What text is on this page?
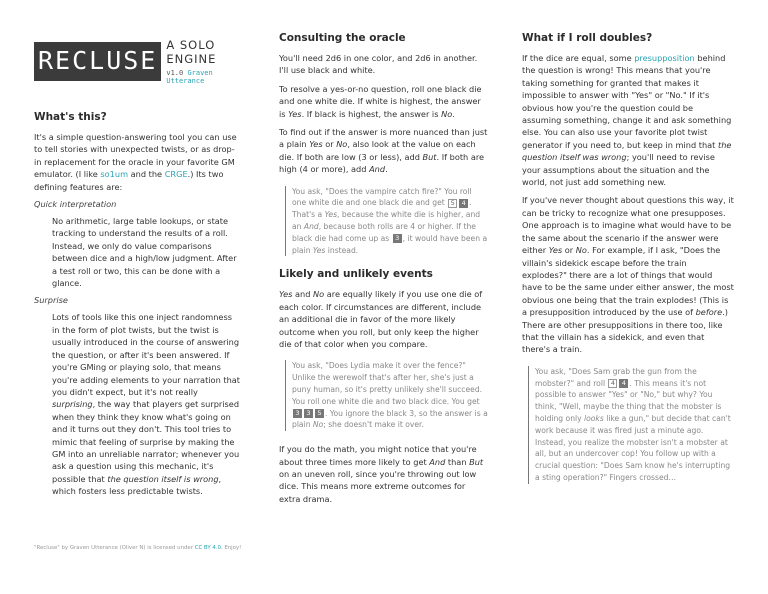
RECLUSE
A SOLO ENGINE
v1.0 Graven Utterance
What's this?

It's a simple question-answering tool you can use to tell stories with unexpected twists, or as drop-in replacement for the oracle in your favorite GM emulator. (I like so1um and the CRGE.) Its two defining features are:

Quick interpretation

No arithmetic, large table lookups, or state tracking to understand the results of a roll. Instead, we only do value comparisons between dice and a high/low judgment. After a test roll or two, this can be done with a glance.

Surprise

Lots of tools like this one inject randomness in the form of plot twists, but the twist is usually introduced in the course of answering the question, or after it's been answered. If you're GMing or playing solo, that means you're adding elements to your narration that you didn't expect, but it's not really surprising, the way that players get surprised when they think they know what's going on and it turns out they don't. This tool tries to mimic that feeling of surprise by making the GM into an unreliable narrator; whenever you ask a question using this mechanic, it's possible that the question itself is wrong, which fosters less predictable twists.

"Recluse" by Graven Utterance (Oliver N) is licensed under CC BY 4.0. Enjoy!
Consulting the oracle

You'll need 2d6 in one color, and 2d6 in another. I'll use black and white.

To resolve a yes-or-no question, roll one black die and one white die. If white is highest, the answer is Yes. If black is highest, the answer is No.

To find out if the answer is more nuanced than just a plain Yes or No, also look at the value on each die. If both are low (3 or less), add But. If both are high (4 or more), add And.

You ask, "Does the vampire catch fire?" You roll one white die and one black die and get 5 4 . That's a Yes, because the white die is higher, and an And, because both rolls are 4 or higher. If the black die had come up as 3 , it would have been a plain Yes instead.
Likely and unlikely events

Yes and No are equally likely if you use one die of each color. If circumstances are different, include an additional die in favor of the more likely outcome when you roll, but only keep the higher die of that color when you compare.

You ask, "Does Lydia make it over the fence?" Unlike the werewolf that's after her, she's just a puny human, so it's pretty unlikely she'll succeed. You roll one white die and two black dice. You get 3 3 5 . You ignore the black 3, so the answer is a plain No; she doesn't make it over.

If you do the math, you might notice that you're about three times more likely to get And than But on an uneven roll, since you're throwing out low dice. This means more extreme outcomes for extra drama.

What if I roll doubles?

If the dice are equal, some presupposition behind the question is wrong! This means that you're taking something for granted that makes it impossible to answer with "Yes" or "No." If it's obvious how you're the question could be assuming something, change it and ask something else. You can also use your favorite plot twist generator if you need to, but keep in mind that the question itself was wrong; you'll need to revise your assumptions about the situation and the world, not just add something new.

If you've never thought about questions this way, it can be tricky to recognize what one presupposes. One approach is to imagine what would have to be the same about the scenario if the answer were either Yes or No. For example, if I ask, "Does the villain's sidekick escape before the train explodes?" there are a lot of things that would have to be the same under either answer, the most obvious one being that the train explodes! (This is a presupposition introduced by the use of before.) There are other presuppositions in there too, like that the villain has a sidekick, and even that there's a train.

You ask, "Does Sam grab the gun from the mobster?" and roll 4 4 . This means it's not possible to answer "Yes" or "No," but why? You think, "Well, maybe the thing that the mobster is holding only looks like a gun," but decide that can't work because it was fired just a minute ago. Instead, you realize the mobster isn't a mobster at all, but an undercover cop! You follow up with a crucial question: "Does Sam know he's interrupting a sting operation?" Fingers crossed…
